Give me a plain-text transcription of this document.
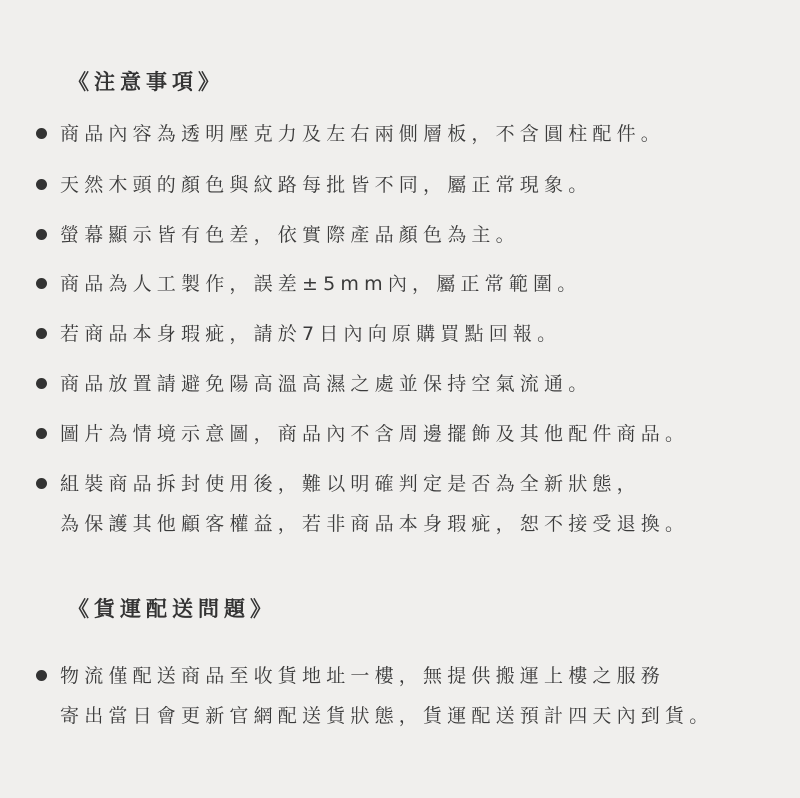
《注意事項》
商品內容為透明壓克力及左右兩側層板，不含圓柱配件。
天然木頭的顏色與紋路每批皆不同，屬正常現象。
螢幕顯示皆有色差，依實際產品顏色為主。
商品為人工製作，誤差±5mm內，屬正常範圍。
若商品本身瑕疵，請於7日內向原購買點回報。
商品放置請避免陽高溫高濕之處並保持空氣流通。
圖片為情境示意圖，商品內不含周邊擺飾及其他配件商品。
組裝商品拆封使用後，難以明確判定是否為全新狀態，
為保護其他顧客權益，若非商品本身瑕疵，恕不接受退換。
《貨運配送問題》
物流僅配送商品至收貨地址一樓，無提供搬運上樓之服務
寄出當日會更新官網配送貨狀態，貨運配送預計四天內到貨。
